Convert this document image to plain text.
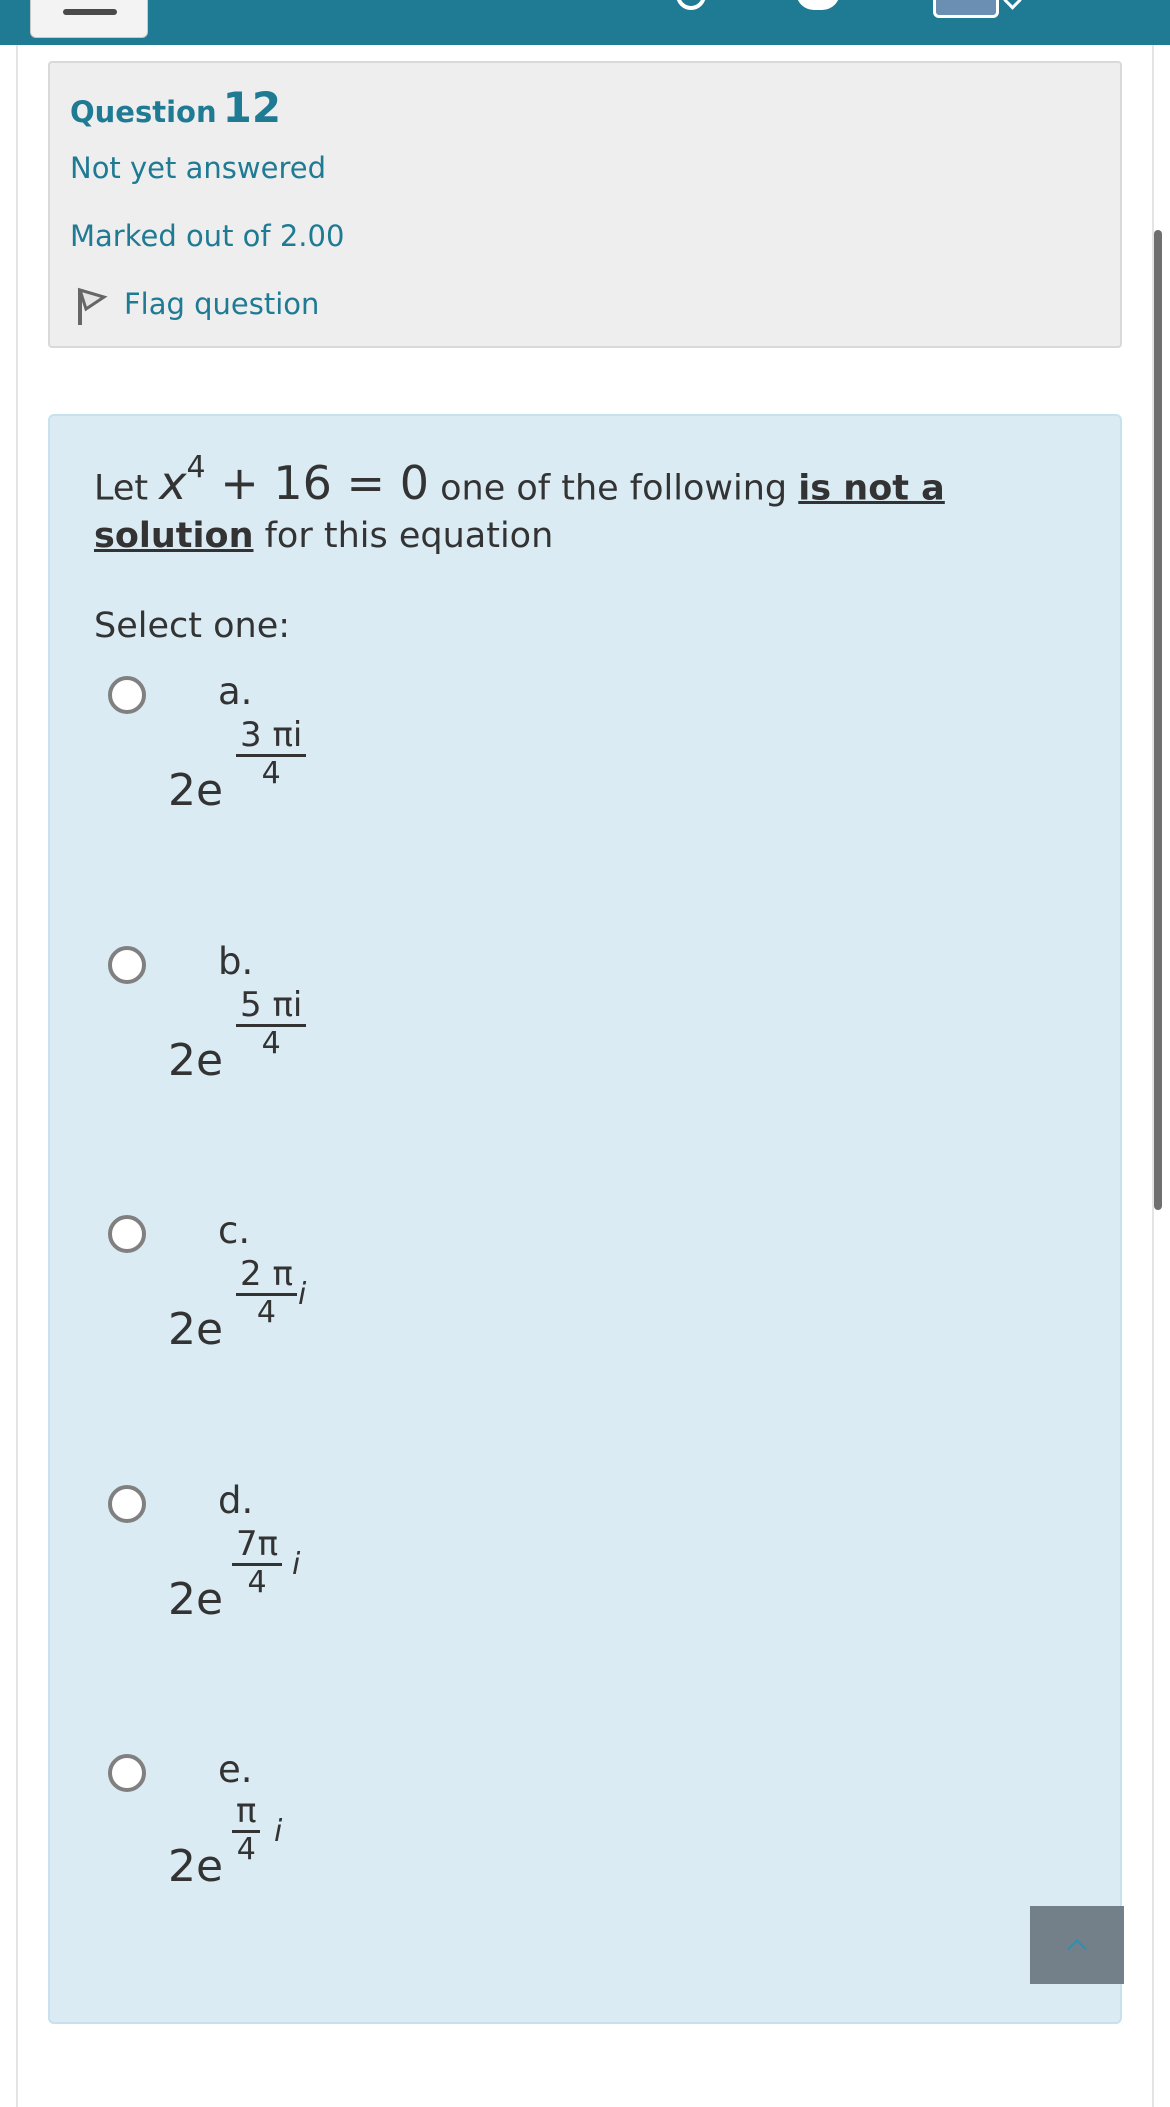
Question 12
Not yet answered
Marked out of 2.00
Flag question
Let $x^4 + 16 = 0$ one of the following is not a
solution for this equation
Select one:
a.
$2e \frac{3 \pi i}{4}$
b.
$2e \frac{5 \pi i}{4}$
c.
$2e \frac{2 \pi}{4}$ i
d.
$2e \frac{7\pi}{4}$ i
e.
$2e \frac{\pi}{4}$ i
